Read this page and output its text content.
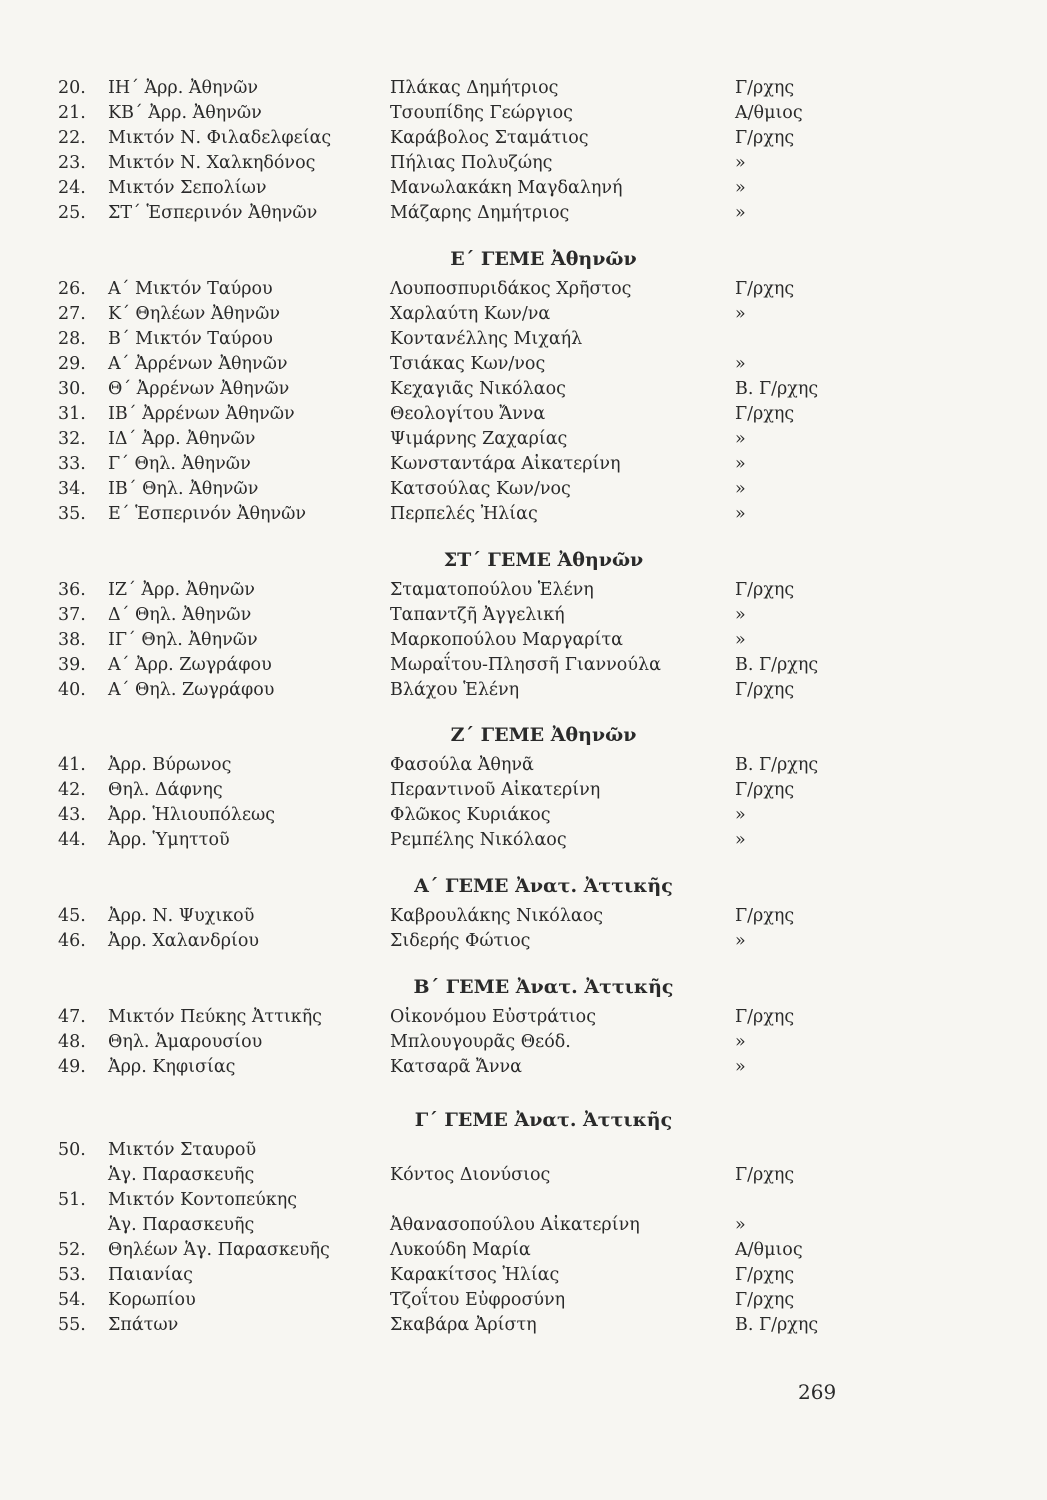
20. ΙΗ΄ Ἀρρ. Ἀθηνῶν	Πλάκας Δημήτριος	Γ/ρχης
21. ΚΒ΄ Ἀρρ. Ἀθηνῶν	Τσουπίδης Γεώργιος	Α/θμιος
22. Μικτόν Ν. Φιλαδελφείας	Καράβολος Σταμάτιος	Γ/ρχης
23. Μικτόν Ν. Χαλκηδόνος	Πήλιας Πολυζώης	»
24. Μικτόν Σεπολίων	Μανωλακάκη Μαγδαληνή	»
25. ΣΤ΄ Ἑσπερινόν Ἀθηνῶν	Μάζαρης Δημήτριος	»
Ε΄ ΓΕΜΕ Ἀθηνῶν
26. Α΄ Μικτόν Ταύρου	Λουποσπυριδάκος Χρῆστος	Γ/ρχης
27. Κ΄ Θηλέων Ἀθηνῶν	Χαρλαύτη Κων/να	»
28. Β΄ Μικτόν Ταύρου	Κοντανέλλης Μιχαήλ
29. Α΄ Ἀρρένων Ἀθηνῶν	Τσιάκας Κων/νος	»
30. Θ΄ Ἀρρένων Ἀθηνῶν	Κεχαγιᾶς Νικόλαος	Β. Γ/ρχης
31. ΙΒ΄ Ἀρρένων Ἀθηνῶν	Θεολογίτου Ἄννα	Γ/ρχης
32. ΙΔ΄ Ἀρρ. Ἀθηνῶν	Ψιμάρνης Ζαχαρίας	»
33. Γ΄ Θηλ. Ἀθηνῶν	Κωνσταντάρα Αἰκατερίνη	»
34. ΙΒ΄ Θηλ. Ἀθηνῶν	Κατσούλας Κων/νος	»
35. Ε΄ Ἑσπερινόν Ἀθηνῶν	Περπελές Ἠλίας	»
ΣΤ΄ ΓΕΜΕ Ἀθηνῶν
36. ΙΖ΄ Ἀρρ. Ἀθηνῶν	Σταματοπούλου Ἑλένη	Γ/ρχης
37. Δ΄ Θηλ. Ἀθηνῶν	Ταπαντζῆ Ἀγγελική	»
38. ΙΓ΄ Θηλ. Ἀθηνῶν	Μαρκοπούλου Μαργαρίτα	»
39. Α΄ Ἀρρ. Ζωγράφου	Μωραΐτου-Πλησσῆ Γιαννούλα	Β. Γ/ρχης
40. Α΄ Θηλ. Ζωγράφου	Βλάχου Ἑλένη	Γ/ρχης
Ζ΄ ΓΕΜΕ Ἀθηνῶν
41. Ἀρρ. Βύρωνος	Φασούλα Ἀθηνᾶ	Β. Γ/ρχης
42. Θηλ. Δάφνης	Περαντινοῦ Αἰκατερίνη	Γ/ρχης
43. Ἀρρ. Ἡλιουπόλεως	Φλῶκος Κυριάκος	»
44. Ἀρρ. Ὑμηττοῦ	Ρεμπέλης Νικόλαος	»
Α΄ ΓΕΜΕ Ἀνατ. Ἀττικῆς
45. Ἀρρ. Ν. Ψυχικοῦ	Καβρουλάκης Νικόλαος	Γ/ρχης
46. Ἀρρ. Χαλανδρίου	Σιδερής Φώτιος	»
Β΄ ΓΕΜΕ Ἀνατ. Ἀττικῆς
47. Μικτόν Πεύκης Ἀττικῆς	Οἰκονόμου Εὐστράτιος	Γ/ρχης
48. Θηλ. Ἀμαρουσίου	Μπλουγουρᾶς Θεόδ.	»
49. Ἀρρ. Κηφισίας	Κατσαρᾶ Ἄννα	»
Γ΄ ΓΕΜΕ Ἀνατ. Ἀττικῆς
50. Μικτόν Σταυροῦ
Ἁγ. Παρασκευῆς	Κόντος Διονύσιος	Γ/ρχης
51. Μικτόν Κοντοπεύκης
Ἁγ. Παρασκευῆς	Ἀθανασοπούλου Αἰκατερίνη	»
52. Θηλέων Ἁγ. Παρασκευῆς	Λυκούδη Μαρία	Α/θμιος
53. Παιανίας	Καρακίτσος Ἠλίας	Γ/ρχης
54. Κορωπίου	Τζοΐτου Εὐφροσύνη	Γ/ρχης
55. Σπάτων	Σκαβάρα Ἀρίστη	Β. Γ/ρχης
269
